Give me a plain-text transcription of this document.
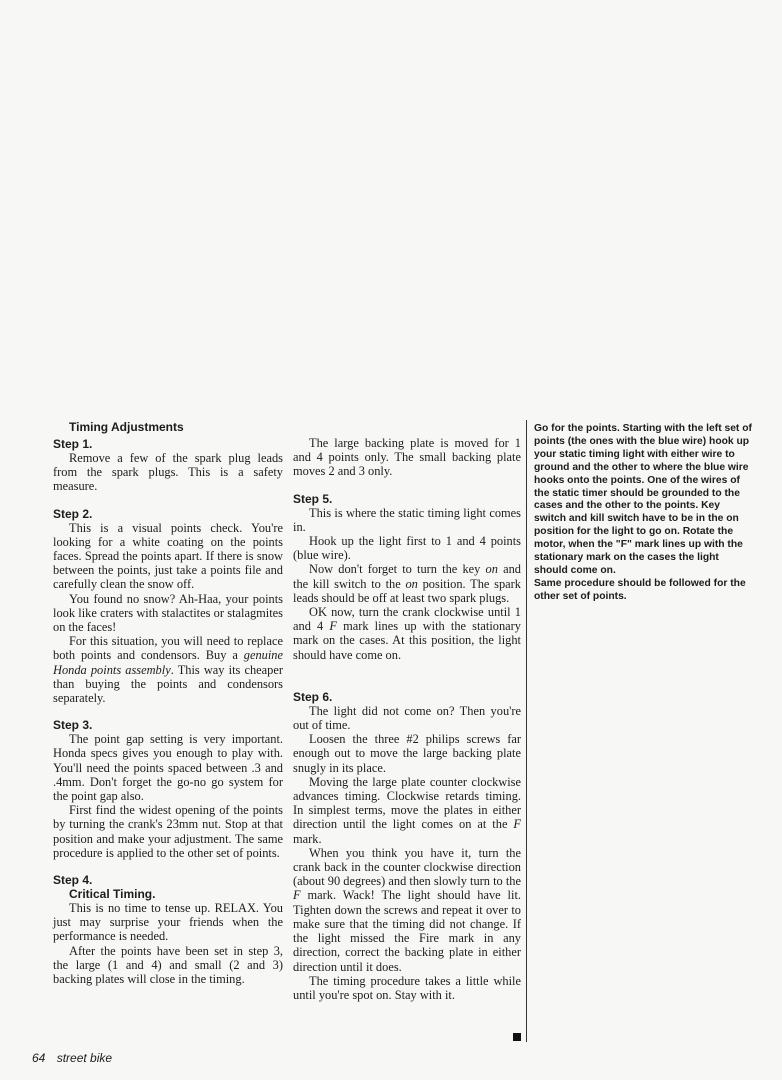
Timing Adjustments
Step 1.

Remove a few of the spark plug leads from the spark plugs. This is a safety measure.

Step 2.

This is a visual points check. You're looking for a white coating on the points faces. Spread the points apart. If there is snow between the points, just take a points file and carefully clean the snow off.

You found no snow? Ah-Haa, your points look like craters with stalactites or stalagmites on the faces!

For this situation, you will need to replace both points and condensors. Buy a genuine Honda points assembly. This way its cheaper than buying the points and condensors separately.

Step 3.

The point gap setting is very important. Honda specs gives you enough to play with. You'll need the points spaced between .3 and .4mm. Don't forget the go-no go system for the point gap also.

First find the widest opening of the points by turning the crank's 23mm nut. Stop at that position and make your adjustment. The same procedure is applied to the other set of points.

Step 4.
Critical Timing.

This is no time to tense up. RELAX. You just may surprise your friends when the performance is needed.

After the points have been set in step 3, the large (1 and 4) and small (2 and 3) backing plates will close in the timing.

The large backing plate is moved for 1 and 4 points only. The small backing plate moves 2 and 3 only.

Step 5.

This is where the static timing light comes in.

Hook up the light first to 1 and 4 points (blue wire).

Now don't forget to turn the key on and the kill switch to the on position. The spark leads should be off at least two spark plugs.

OK now, turn the crank clockwise until 1 and 4 F mark lines up with the stationary mark on the cases. At this position, the light should have come on.

Step 6.

The light did not come on? Then you're out of time.

Loosen the three #2 philips screws far enough out to move the large backing plate snugly in its place.

Moving the large plate counter clockwise advances timing. Clockwise retards timing. In simplest terms, move the plates in either direction until the light comes on at the F mark.

When you think you have it, turn the crank back in the counter clockwise direction (about 90 degrees) and then slowly turn to the F mark. Wack! The light should have lit. Tighten down the screws and repeat it over to make sure that the timing did not change. If the light missed the Fire mark in any direction, correct the backing plate in either direction until it does.

The timing procedure takes a little while until you're spot on. Stay with it.

Go for the points. Starting with the left set of points (the ones with the blue wire) hook up your static timing light with either wire to ground and the other to where the blue wire hooks onto the points. One of the wires of the static timer should be grounded to the cases and the other to the points. Key switch and kill switch have to be in the on position for the light to go on. Rotate the motor, when the "F" mark lines up with the stationary mark on the cases the light should come on.

Same procedure should be followed for the other set of points.

64 street bike
